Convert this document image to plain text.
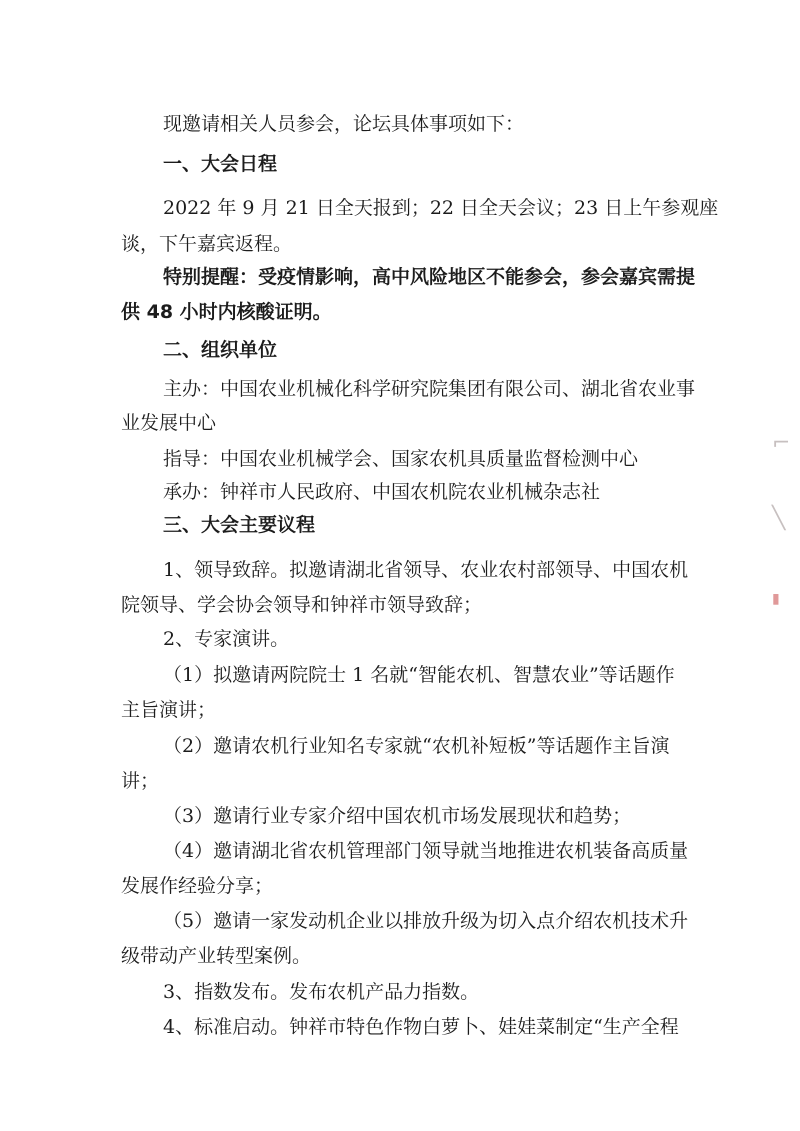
现邀请相关人员参会，论坛具体事项如下：

一、大会日程

2022 年 9 月 21 日全天报到；22 日全天会议；23 日上午参观座

谈，下午嘉宾返程。

特别提醒：受疫情影响，高中风险地区不能参会，参会嘉宾需提

供 48 小时内核酸证明。

二、组织单位

主办：中国农业机械化科学研究院集团有限公司、湖北省农业事

业发展中心

指导：中国农业机械学会、国家农机具质量监督检测中心

承办：钟祥市人民政府、中国农机院农业机械杂志社

三、大会主要议程

1、领导致辞。拟邀请湖北省领导、农业农村部领导、中国农机

院领导、学会协会领导和钟祥市领导致辞；

2、专家演讲。

（1）拟邀请两院院士 1 名就“智能农机、智慧农业”等话题作

主旨演讲；

（2）邀请农机行业知名专家就“农机补短板”等话题作主旨演

讲；

（3）邀请行业专家介绍中国农机市场发展现状和趋势；

（4）邀请湖北省农机管理部门领导就当地推进农机装备高质量

发展作经验分享；

（5）邀请一家发动机企业以排放升级为切入点介绍农机技术升

级带动产业转型案例。

3、指数发布。发布农机产品力指数。

4、标准启动。钟祥市特色作物白萝卜、娃娃菜制定“生产全程

⌐
╲
▮
